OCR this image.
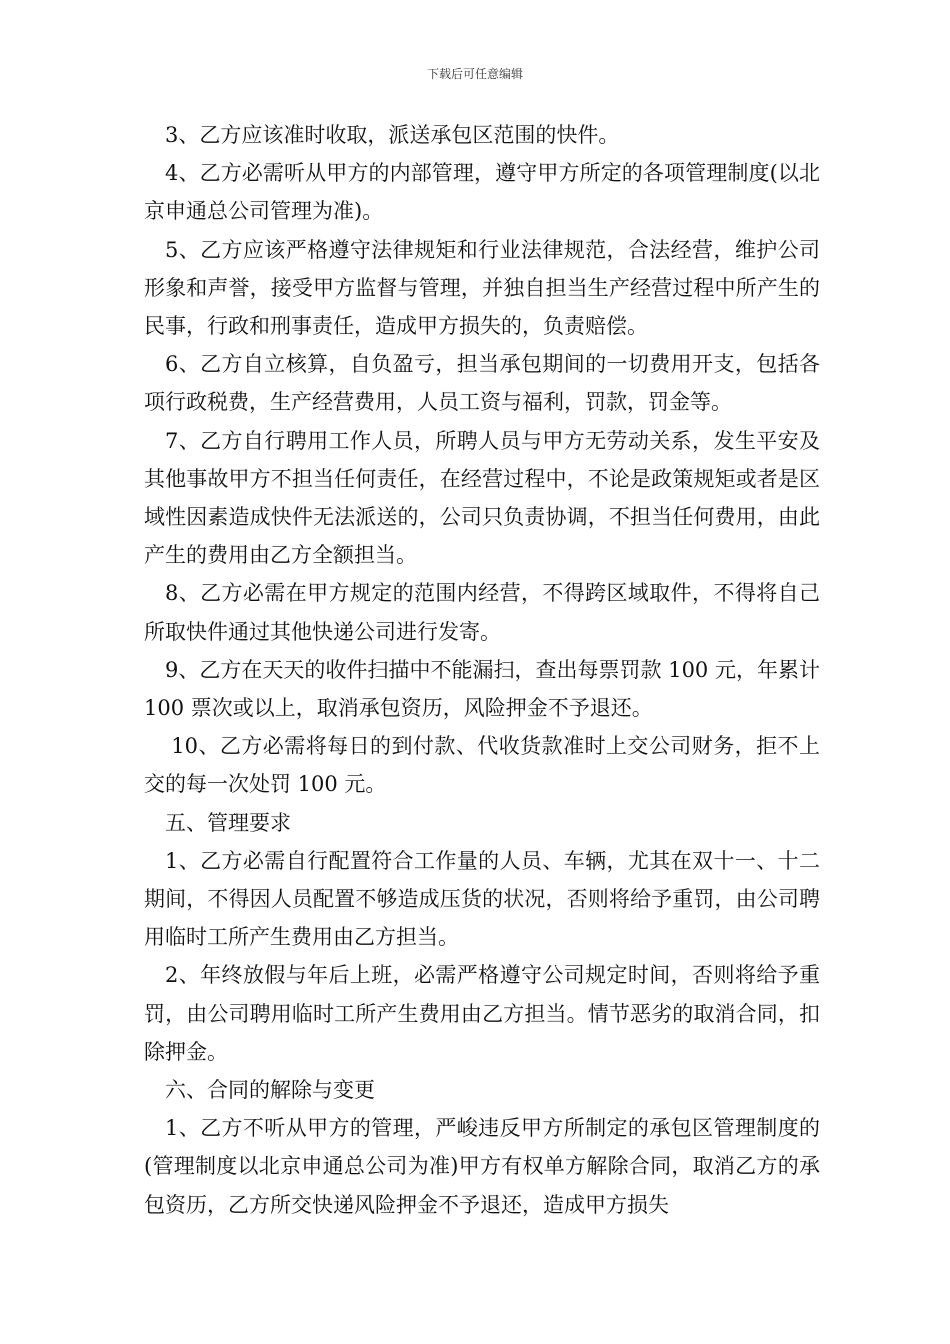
下载后可任意编辑

3、乙方应该准时收取，派送承包区范围的快件。

4、乙方必需听从甲方的内部管理，遵守甲方所定的各项管理制度(以北京申通总公司管理为准)。

5、乙方应该严格遵守法律规矩和行业法律规范，合法经营，维护公司形象和声誉，接受甲方监督与管理，并独自担当生产经营过程中所产生的民事，行政和刑事责任，造成甲方损失的，负责赔偿。

6、乙方自立核算，自负盈亏，担当承包期间的一切费用开支，包括各项行政税费，生产经营费用，人员工资与福利，罚款，罚金等。

7、乙方自行聘用工作人员，所聘人员与甲方无劳动关系，发生平安及其他事故甲方不担当任何责任，在经营过程中，不论是政策规矩或者是区域性因素造成快件无法派送的，公司只负责协调，不担当任何费用，由此产生的费用由乙方全额担当。

8、乙方必需在甲方规定的范围内经营，不得跨区域取件，不得将自己所取快件通过其他快递公司进行发寄。

9、乙方在天天的收件扫描中不能漏扫，查出每票罚款 100 元，年累计 100 票次或以上，取消承包资历，风险押金不予退还。

10、乙方必需将每日的到付款、代收货款准时上交公司财务，拒不上交的每一次处罚 100 元。

五、管理要求

1、乙方必需自行配置符合工作量的人员、车辆，尤其在双十一、十二期间，不得因人员配置不够造成压货的状况，否则将给予重罚，由公司聘用临时工所产生费用由乙方担当。

2、年终放假与年后上班，必需严格遵守公司规定时间，否则将给予重罚，由公司聘用临时工所产生费用由乙方担当。情节恶劣的取消合同，扣除押金。

六、合同的解除与变更

1、乙方不听从甲方的管理，严峻违反甲方所制定的承包区管理制度的(管理制度以北京申通总公司为准)甲方有权单方解除合同，取消乙方的承包资历，乙方所交快递风险押金不予退还，造成甲方损失
